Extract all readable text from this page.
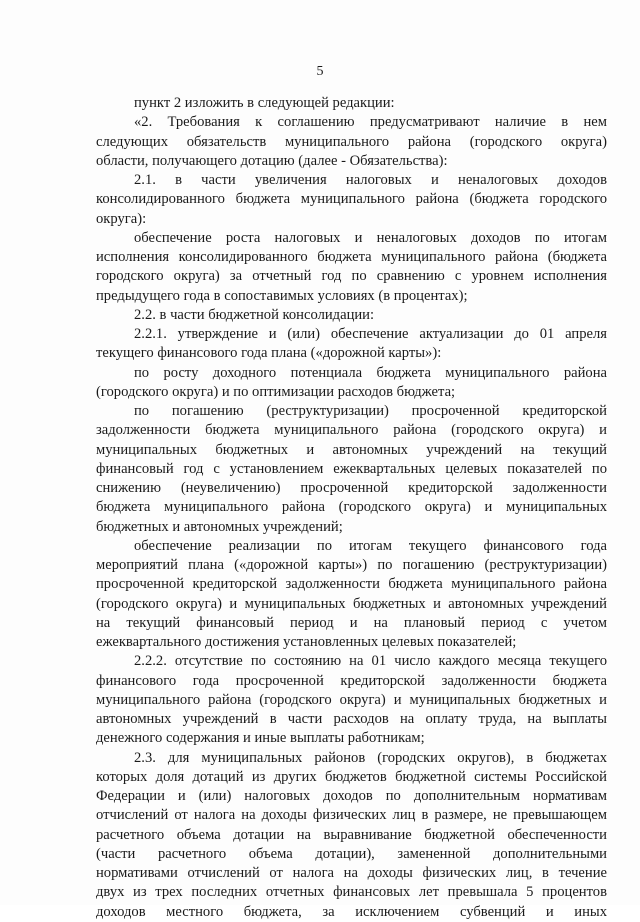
5
пункт 2 изложить в следующей редакции:
«2. Требования к соглашению предусматривают наличие в нем
следующих обязательств муниципального района (городского округа)
области, получающего дотацию (далее - Обязательства):
2.1. в части увеличения налоговых и неналоговых доходов
консолидированного бюджета муниципального района (бюджета городского
округа):
обеспечение роста налоговых и неналоговых доходов по итогам
исполнения консолидированного бюджета муниципального района (бюджета
городского округа) за отчетный год по сравнению с уровнем исполнения
предыдущего года в сопоставимых условиях (в процентах);
2.2. в части бюджетной консолидации:
2.2.1. утверждение и (или) обеспечение актуализации до 01 апреля
текущего финансового года плана («дорожной карты»):
по росту доходного потенциала бюджета муниципального района
(городского округа) и по оптимизации расходов бюджета;
по погашению (реструктуризации) просроченной кредиторской
задолженности бюджета муниципального района (городского округа) и
муниципальных бюджетных и автономных учреждений на текущий
финансовый год с установлением ежеквартальных целевых показателей по
снижению (неувеличению) просроченной кредиторской задолженности
бюджета муниципального района (городского округа) и муниципальных
бюджетных и автономных учреждений;
обеспечение реализации по итогам текущего финансового года
мероприятий плана («дорожной карты») по погашению (реструктуризации)
просроченной кредиторской задолженности бюджета муниципального района
(городского округа) и муниципальных бюджетных и автономных учреждений
на текущий финансовый период и на плановый период с учетом
ежеквартального достижения установленных целевых показателей;
2.2.2. отсутствие по состоянию на 01 число каждого месяца текущего
финансового года просроченной кредиторской задолженности бюджета
муниципального района (городского округа) и муниципальных бюджетных и
автономных учреждений в части расходов на оплату труда, на выплаты
денежного содержания и иные выплаты работникам;
2.3. для муниципальных районов (городских округов), в бюджетах
которых доля дотаций из других бюджетов бюджетной системы Российской
Федерации и (или) налоговых доходов по дополнительным нормативам
отчислений от налога на доходы физических лиц в размере, не превышающем
расчетного объема дотации на выравнивание бюджетной обеспеченности
(части расчетного объема дотации), замененной дополнительными
нормативами отчислений от налога на доходы физических лиц, в течение
двух из трех последних отчетных финансовых лет превышала 5 процентов
доходов местного бюджета, за исключением субвенций и иных
